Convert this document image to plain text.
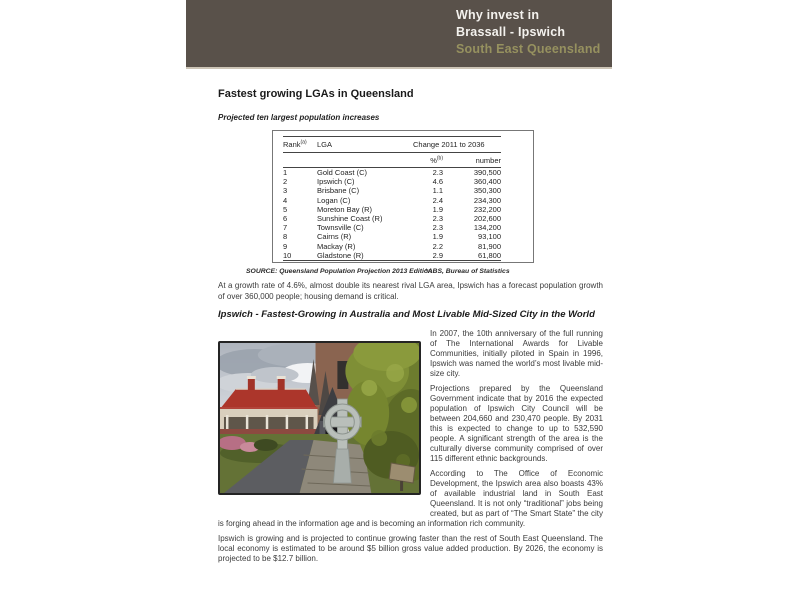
Why invest in
Brassall - Ipswich
South East Queensland
Fastest growing LGAs in Queensland
Projected ten largest population increases
Rank$^{(a)}$	LGA	Change 2011 to 2036	
		%$^{(b)}$	number
1	Gold Coast (C)	2.3	390,500
2	Ipswich (C)	4.6	360,400
3	Brisbane (C)	1.1	350,300
4	Logan (C)	2.4	234,300
5	Moreton Bay (R)	1.9	232,200
6	Sunshine Coast (R)	2.3	202,600
7	Townsville (C)	2.3	134,200
8	Cairns (R)	1.9	93,100
9	Mackay (R)	2.2	81,900
10	Gladstone (R)	2.9	61,800
SOURCE: Queensland Population Projection 2013 Edition
*ABS, Bureau of Statistics

At a growth rate of 4.6%, almost double its nearest rival LGA area, Ipswich has a forecast population growth of over 360,000 people; housing demand is critical.

Ipswich - Fastest-Growing in Australia and Most Livable Mid-Sized City in the World

In 2007, the 10th anniversary of the full running of The International Awards for Livable Communities, initially piloted in Spain in 1996, Ipswich was named the world’s most livable mid-size city.

Projections prepared by the Queensland Government indicate that by 2016 the expected population of Ipswich City Council will be between 204,660 and 230,470 people. By 2031 this is expected to change to up to 532,590 people. A significant strength of the area is the culturally diverse community comprised of over 115 different ethnic backgrounds.

According to The Office of Economic Development, the Ipswich area also boasts 43% of available industrial land in South East Queensland. It is not only “traditional” jobs being created, but as part of “The Smart State” the city is forging ahead in the information age and is becoming an information rich community.

Ipswich is growing and is projected to continue growing faster than the rest of South East Queensland. The local economy is estimated to be around $5 billion gross value added production. By 2026, the economy is projected to be $12.7 billion.
